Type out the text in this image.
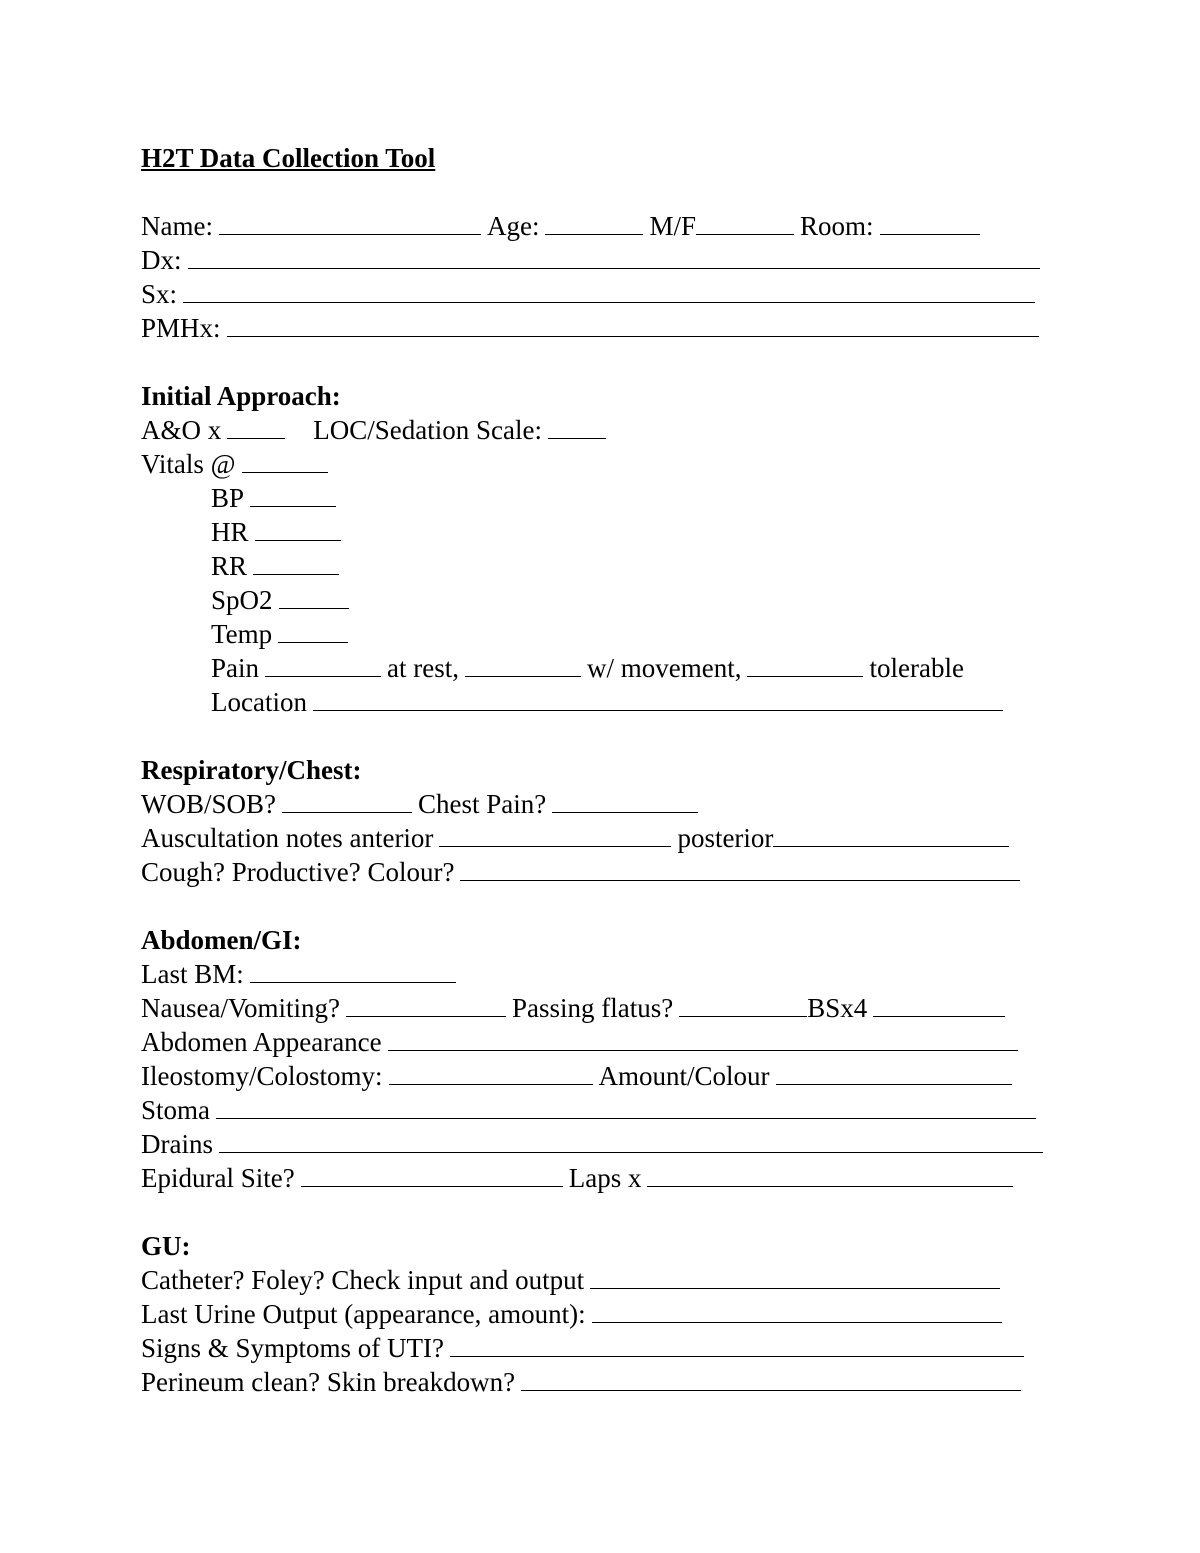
H2T Data Collection Tool
Name:	Age:	M/F	Room:
Dx:
Sx:
PMHx:
Initial Approach:
A&O x	LOC/Sedation Scale:
Vitals @
BP
HR
RR
SpO2
Temp
Pain	at rest,	w/ movement,	tolerable
Location
Respiratory/Chest:
WOB/SOB?	Chest Pain?
Auscultation notes anterior	posterior
Cough? Productive? Colour?
Abdomen/GI:
Last BM:
Nausea/Vomiting?	Passing flatus?	BSx4
Abdomen Appearance
Ileostomy/Colostomy:	Amount/Colour
Stoma
Drains
Epidural Site?	Laps x
GU:
Catheter? Foley? Check input and output
Last Urine Output (appearance, amount):
Signs & Symptoms of UTI?
Perineum clean? Skin breakdown?
